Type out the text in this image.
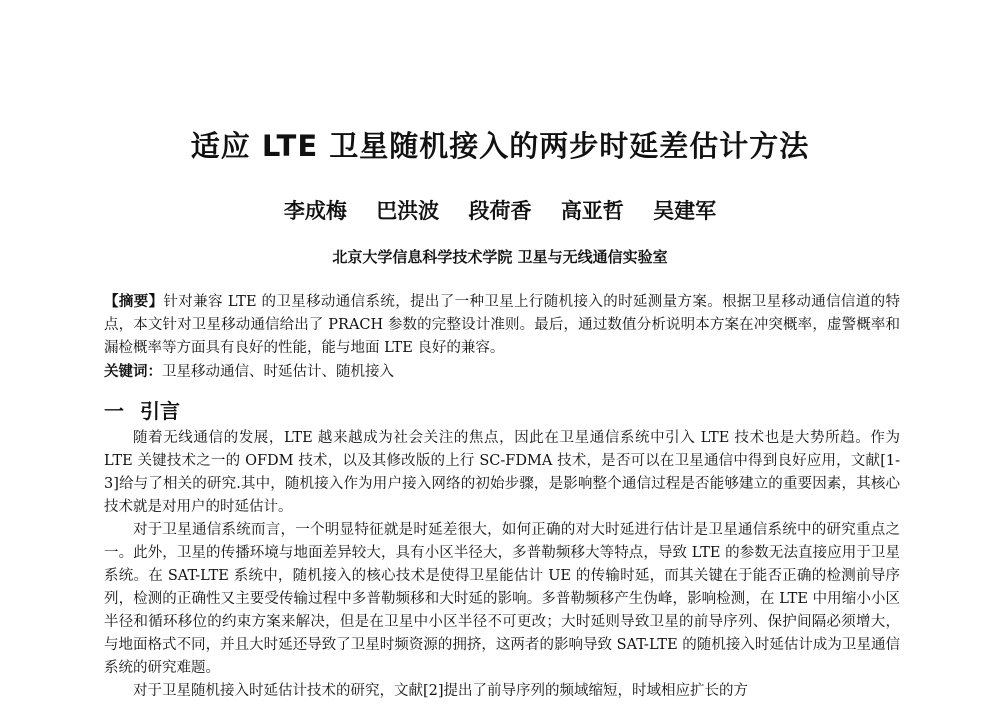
适应 LTE 卫星随机接入的两步时延差估计方法
李成梅 巴洪波 段荷香 高亚哲 吴建军
北京大学信息科学技术学院 卫星与无线通信实验室

【摘要】针对兼容 LTE 的卫星移动通信系统，提出了一种卫星上行随机接入的时延测量方案。根据卫星移动通信信道的特点，本文针对卫星移动通信给出了 PRACH 参数的完整设计准则。最后，通过数值分析说明本方案在冲突概率，虚警概率和漏检概率等方面具有良好的性能，能与地面 LTE 良好的兼容。

关键词：卫星移动通信、时延估计、随机接入

一 引言

随着无线通信的发展，LTE 越来越成为社会关注的焦点，因此在卫星通信系统中引入 LTE 技术也是大势所趋。作为 LTE 关键技术之一的 OFDM 技术，以及其修改版的上行 SC-FDMA 技术，是否可以在卫星通信中得到良好应用，文献[1-3]给与了相关的研究.其中，随机接入作为用户接入网络的初始步骤，是影响整个通信过程是否能够建立的重要因素，其核心技术就是对用户的时延估计。

对于卫星通信系统而言，一个明显特征就是时延差很大，如何正确的对大时延进行估计是卫星通信系统中的研究重点之一。此外，卫星的传播环境与地面差异较大，具有小区半径大，多普勒频移大等特点，导致 LTE 的参数无法直接应用于卫星系统。在 SAT-LTE 系统中，随机接入的核心技术是使得卫星能估计 UE 的传输时延，而其关键在于能否正确的检测前导序列，检测的正确性又主要受传输过程中多普勒频移和大时延的影响。多普勒频移产生伪峰，影响检测，在 LTE 中用缩小小区半径和循环移位的约束方案来解决，但是在卫星中小区半径不可更改；大时延则导致卫星的前导序列、保护间隔必须增大，与地面格式不同，并且大时延还导致了卫星时频资源的拥挤，这两者的影响导致 SAT-LTE 的随机接入时延估计成为卫星通信系统的研究难题。

对于卫星随机接入时延估计技术的研究，文献[2]提出了前导序列的频域缩短，时域相应扩长的方
